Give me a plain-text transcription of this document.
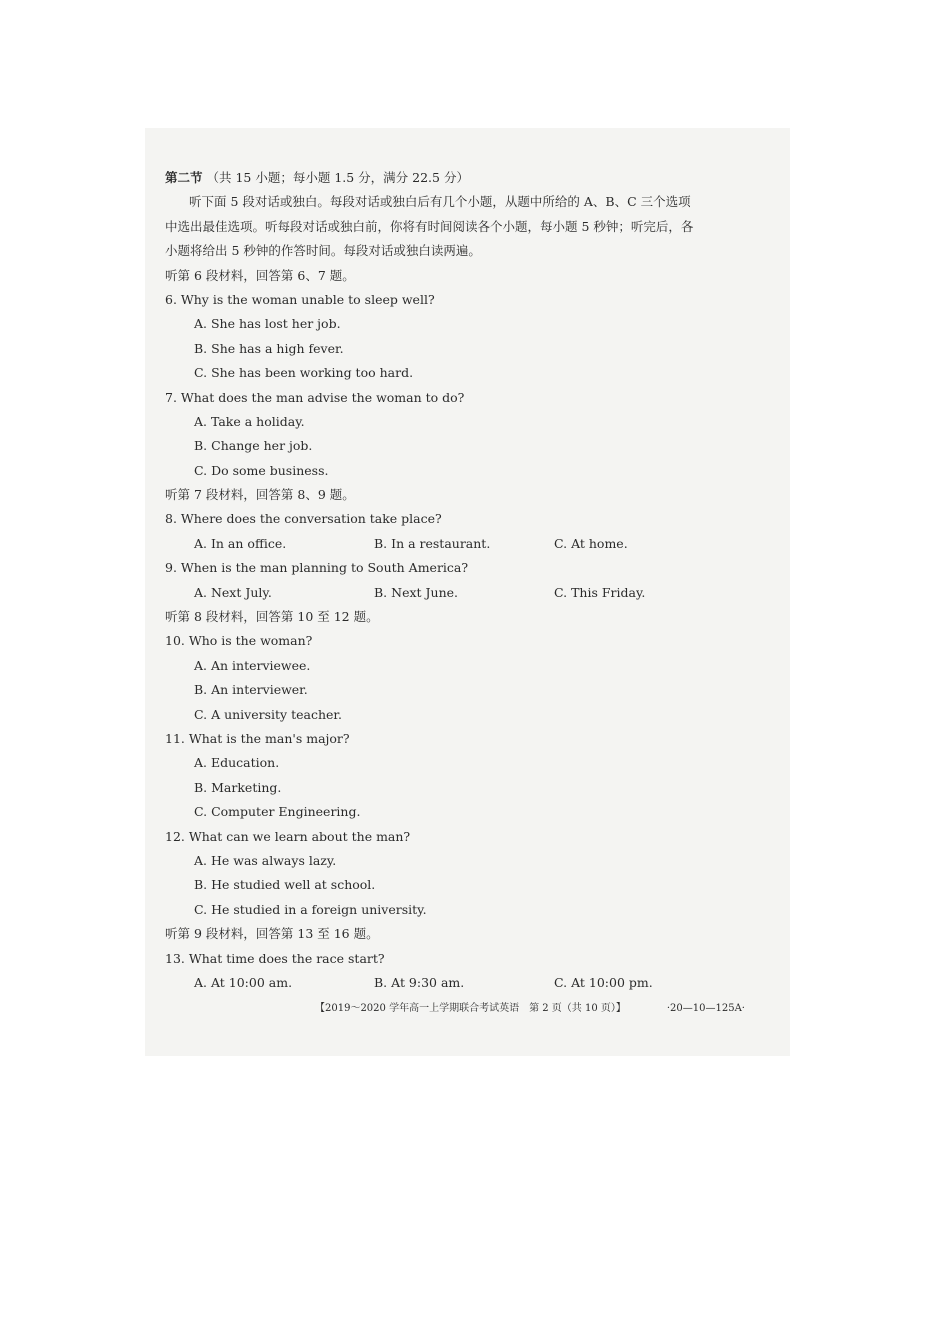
第二节 （共 15 小题；每小题 1.5 分，满分 22.5 分）
听下面 5 段对话或独白。每段对话或独白后有几个小题，从题中所给的 A、B、C 三个选项
中选出最佳选项。听每段对话或独白前，你将有时间阅读各个小题，每小题 5 秒钟；听完后，各
小题将给出 5 秒钟的作答时间。每段对话或独白读两遍。
听第 6 段材料，回答第 6、7 题。
6. Why is the woman unable to sleep well?
A. She has lost her job.
B. She has a high fever.
C. She has been working too hard.
7. What does the man advise the woman to do?
A. Take a holiday.
B. Change her job.
C. Do some business.
听第 7 段材料，回答第 8、9 题。
8. Where does the conversation take place?
A. In an office.	B. In a restaurant.	C. At home.
9. When is the man planning to South America?
A. Next July.	B. Next June.	C. This Friday.
听第 8 段材料，回答第 10 至 12 题。
10. Who is the woman?
A. An interviewee.
B. An interviewer.
C. A university teacher.
11. What is the man's major?
A. Education.
B. Marketing.
C. Computer Engineering.
12. What can we learn about the man?
A. He was always lazy.
B. He studied well at school.
C. He studied in a foreign university.
听第 9 段材料，回答第 13 至 16 题。
13. What time does the race start?
A. At 10:00 am.	B. At 9:30 am.	C. At 10:00 pm.
【2019～2020 学年高一上学期联合考试英语　第 2 页（共 10 页）】	·20—10—125A·
